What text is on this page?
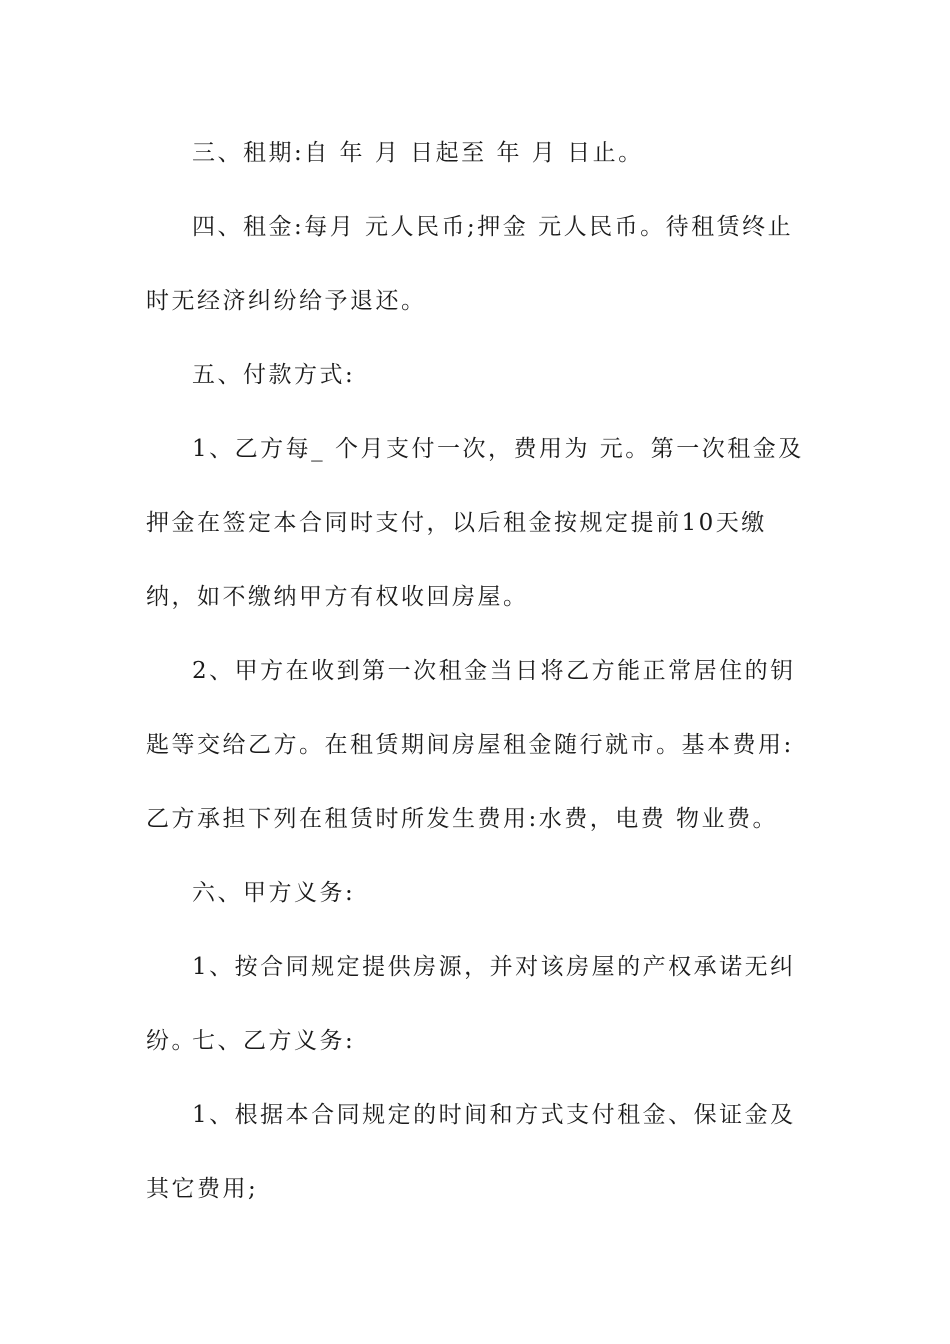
三、租期:自 年 月 日起至 年 月 日止。

四、租金:每月 元人民币;押金 元人民币。待租赁终止时无经济纠纷给予退还。

五、付款方式:

1、乙方每_ 个月支付一次，费用为 元。第一次租金及押金在签定本合同时支付，以后租金按规定提前10天缴纳，如不缴纳甲方有权收回房屋。

2、甲方在收到第一次租金当日将乙方能正常居住的钥匙等交给乙方。在租赁期间房屋租金随行就市。基本费用:乙方承担下列在租赁时所发生费用:水费，电费 物业费。

六、甲方义务:

1、按合同规定提供房源，并对该房屋的产权承诺无纠纷。

七、乙方义务:

1、根据本合同规定的时间和方式支付租金、保证金及其它费用;
